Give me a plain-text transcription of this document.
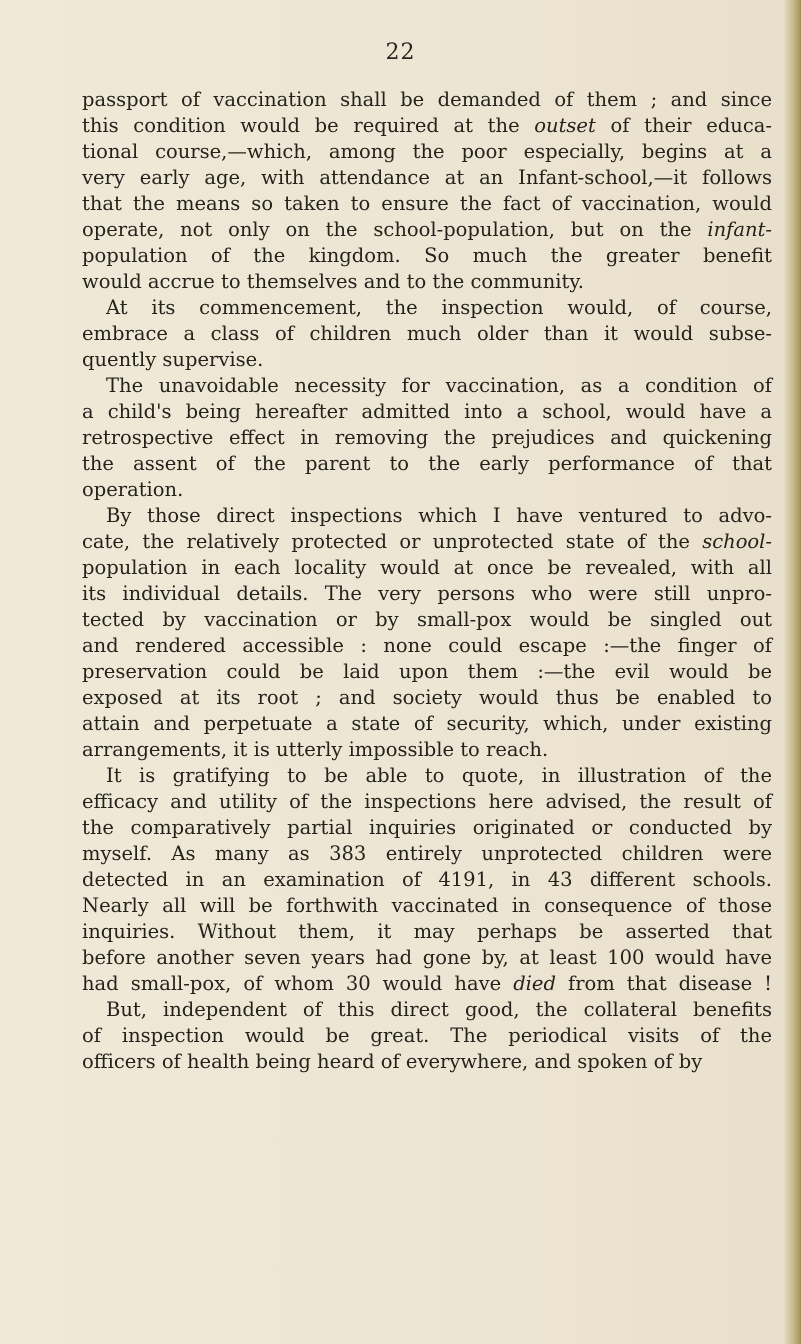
22
passport of vaccination shall be demanded of them ; and since
this condition would be required at the outset of their educa-
tional course,—which, among the poor especially, begins at a
very early age, with attendance at an Infant-school,—it follows
that the means so taken to ensure the fact of vaccination, would
operate, not only on the school-population, but on the infant-
population of the kingdom. So much the greater benefit
would accrue to themselves and to the community.
At its commencement, the inspection would, of course,
embrace a class of children much older than it would subse-
quently supervise.
The unavoidable necessity for vaccination, as a condition of
a child's being hereafter admitted into a school, would have a
retrospective effect in removing the prejudices and quickening
the assent of the parent to the early performance of that
operation.
By those direct inspections which I have ventured to advo-
cate, the relatively protected or unprotected state of the school-
population in each locality would at once be revealed, with all
its individual details. The very persons who were still unpro-
tected by vaccination or by small-pox would be singled out
and rendered accessible : none could escape :—the finger of
preservation could be laid upon them :—the evil would be
exposed at its root ; and society would thus be enabled to
attain and perpetuate a state of security, which, under existing
arrangements, it is utterly impossible to reach.
It is gratifying to be able to quote, in illustration of the
efficacy and utility of the inspections here advised, the result of
the comparatively partial inquiries originated or conducted by
myself. As many as 383 entirely unprotected children were
detected in an examination of 4191, in 43 different schools.
Nearly all will be forthwith vaccinated in consequence of those
inquiries. Without them, it may perhaps be asserted that
before another seven years had gone by, at least 100 would have
had small-pox, of whom 30 would have died from that disease !
But, independent of this direct good, the collateral benefits
of inspection would be great. The periodical visits of the
officers of health being heard of everywhere, and spoken of by
